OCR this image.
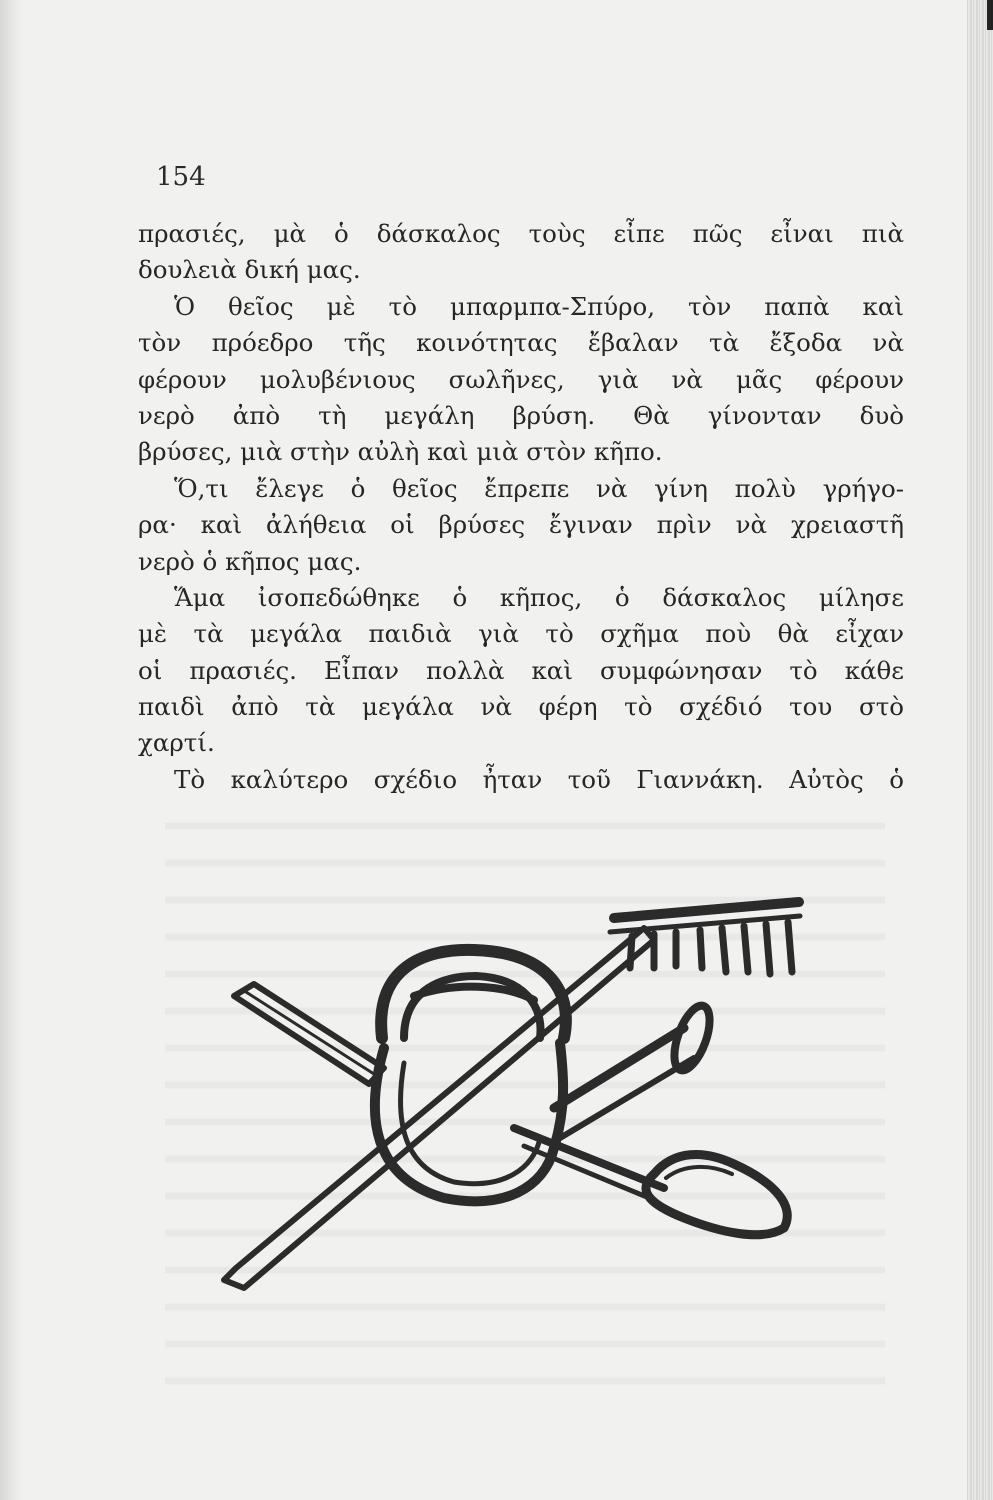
154
πρασιές, μὰ ὁ δάσκαλος τοὺς εἶπε πῶς εἶναι πιὰ
δουλειὰ δική μας.
Ὁ θεῖος μὲ τὸ μπαρμπα-Σπύρο, τὸν παπὰ καὶ
τὸν πρόεδρο τῆς κοινότητας ἔβαλαν τὰ ἔξοδα νὰ
φέρουν μολυβένιους σωλῆνες, γιὰ νὰ μᾶς φέρουν
νερὸ ἀπὸ τὴ μεγάλη βρύση. Θὰ γίνονταν δυὸ
βρύσες, μιὰ στὴν αὐλὴ καὶ μιὰ στὸν κῆπο.
Ὅ,τι ἔλεγε ὁ θεῖος ἔπρεπε νὰ γίνη πολὺ γρήγο-
ρα· καὶ ἀλήθεια οἱ βρύσες ἔγιναν πρὶν νὰ χρειαστῆ
νερὸ ὁ κῆπος μας.
Ἅμα ἰσοπεδώθηκε ὁ κῆπος, ὁ δάσκαλος μίλησε
μὲ τὰ μεγάλα παιδιὰ γιὰ τὸ σχῆμα ποὺ θὰ εἶχαν
οἱ πρασιές. Εἶπαν πολλὰ καὶ συμφώνησαν τὸ κάθε
παιδὶ ἀπὸ τὰ μεγάλα νὰ φέρη τὸ σχέδιό του στὸ
χαρτί.
Τὸ καλύτερο σχέδιο ἦταν τοῦ Γιαννάκη. Αὐτὸς ὁ
